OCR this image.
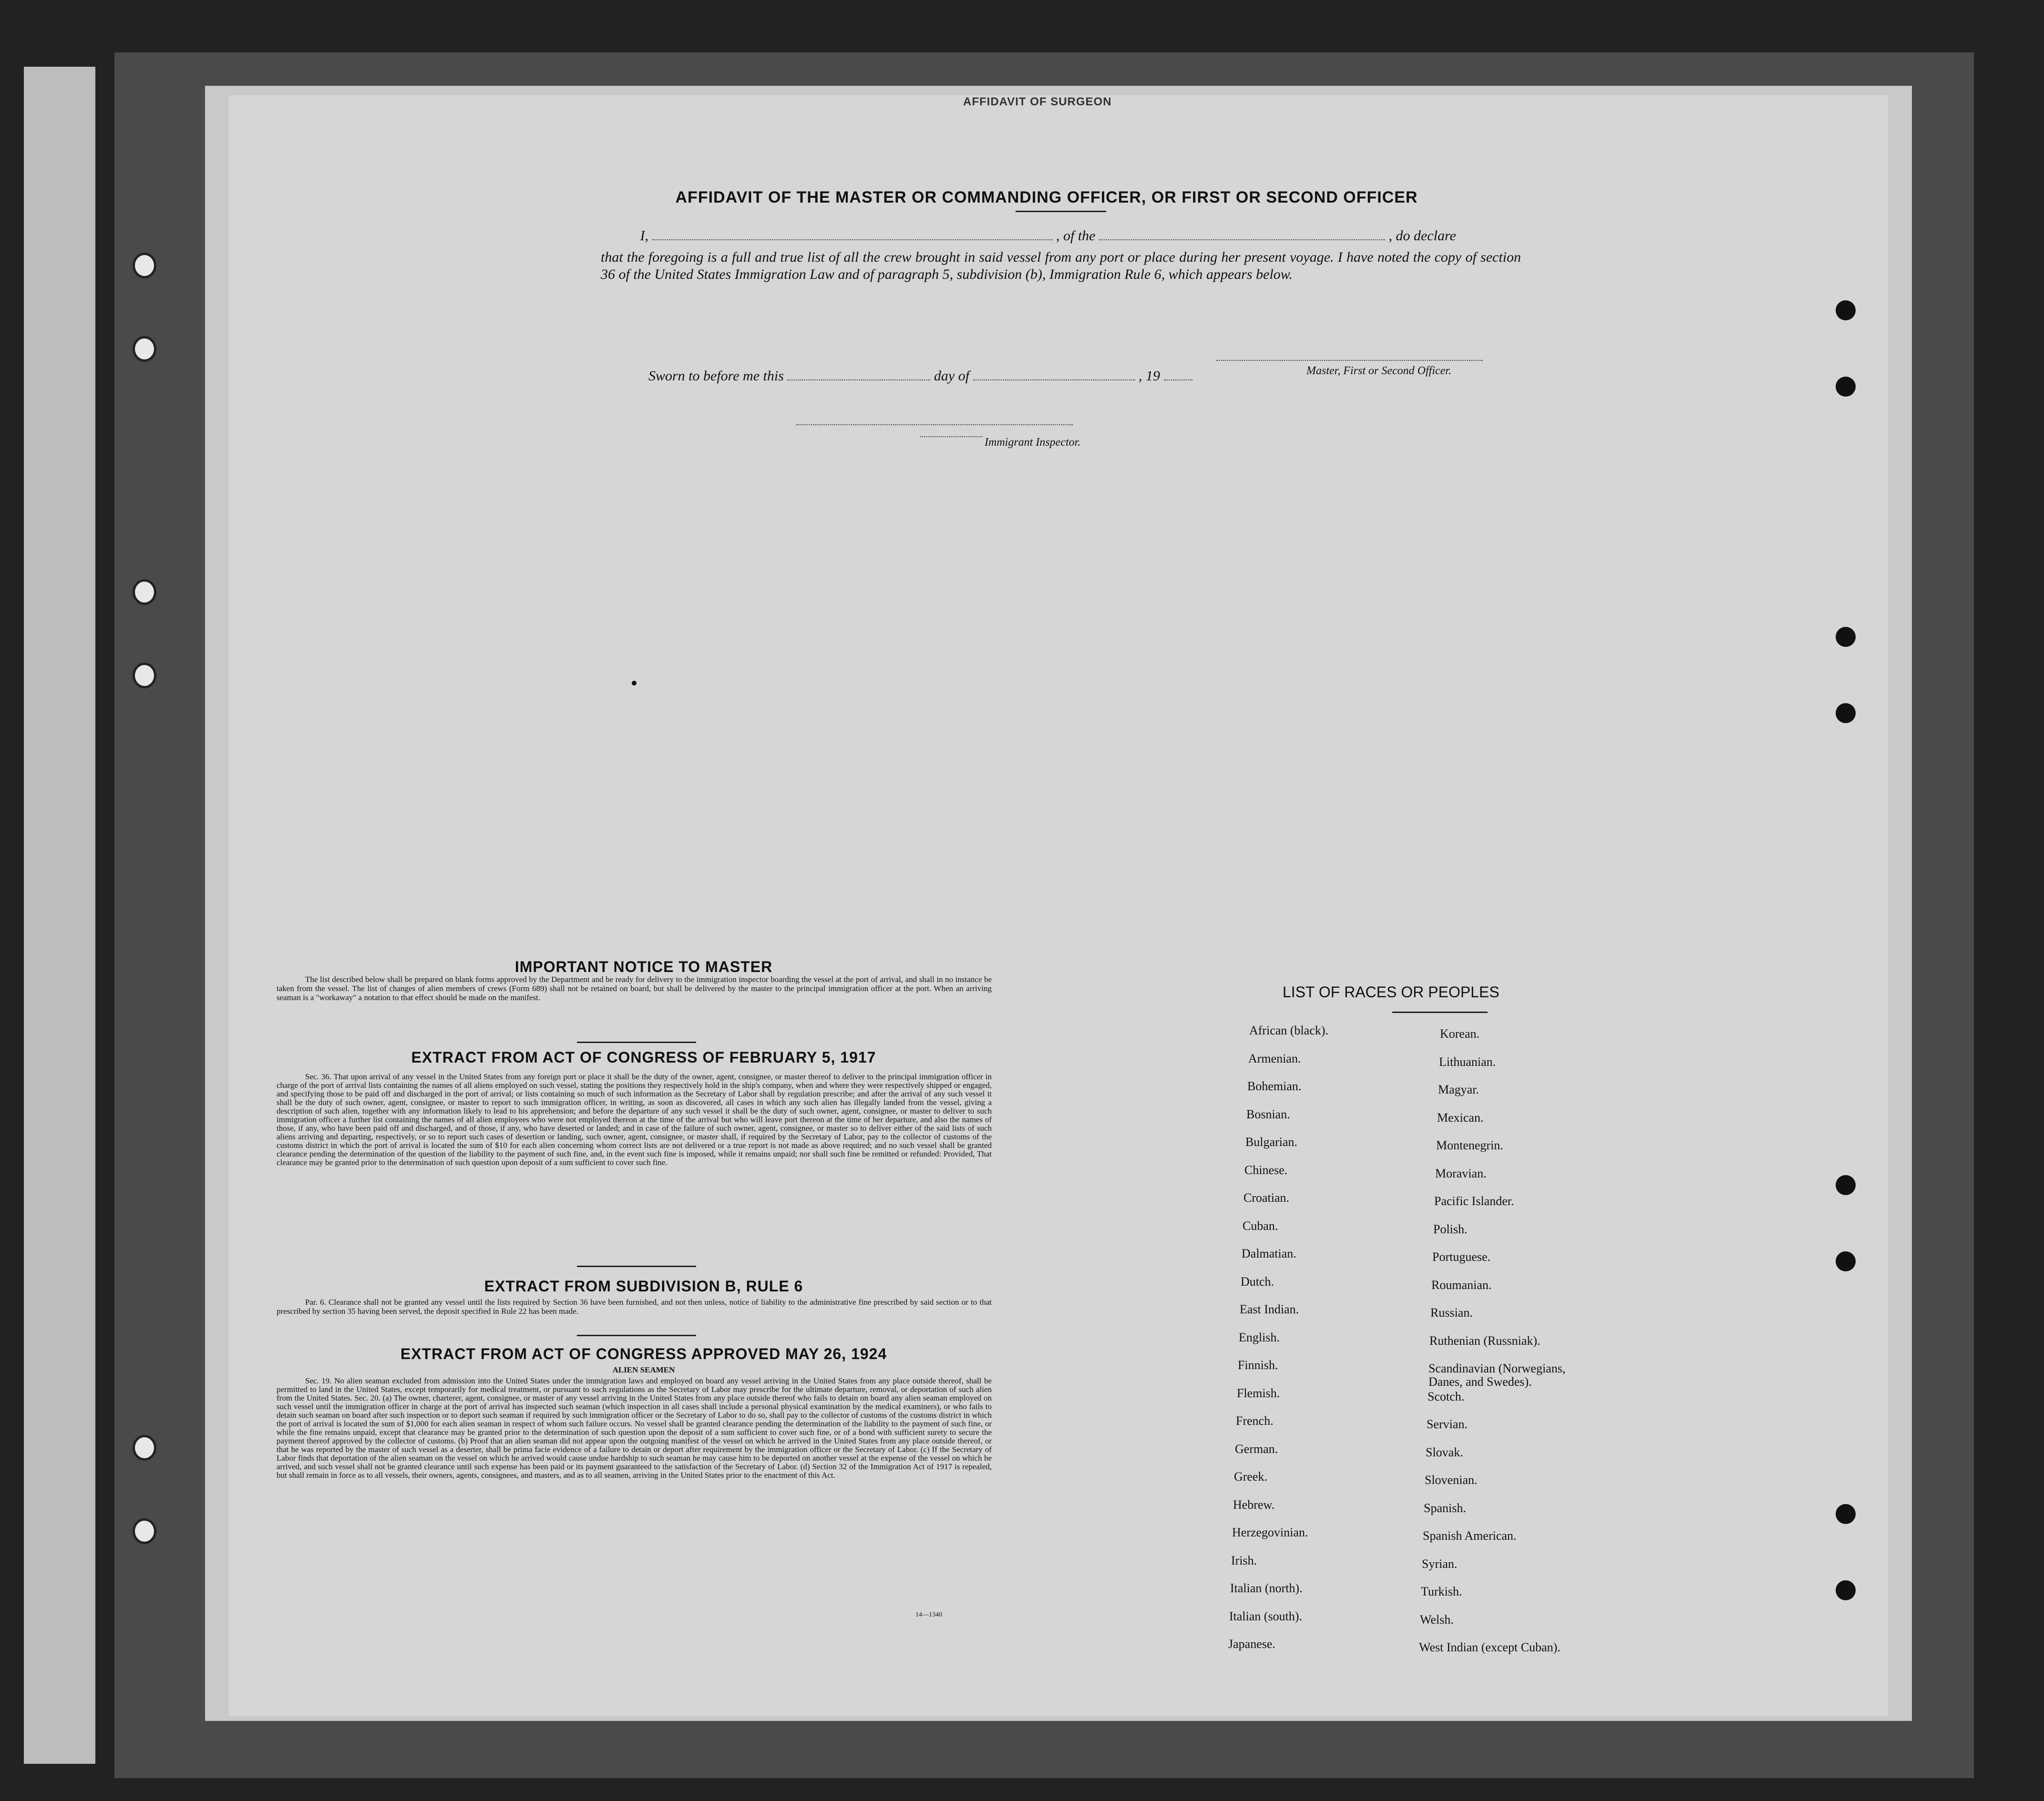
AFFIDAVIT OF SURGEON
AFFIDAVIT OF THE MASTER OR COMMANDING OFFICER, OR FIRST OR SECOND OFFICER
I,	, of the	, do declare
that the foregoing is a full and true list of all the crew brought in said vessel from any port or place during her present voyage. I have noted the copy of section 36 of the United States Immigration Law and of paragraph 5, subdivision (b), Immigration Rule 6, which appears below.
Master, First or Second Officer.
Sworn to before me this	day of	, 19
Immigrant Inspector.
IMPORTANT NOTICE TO MASTER
The list described below shall be prepared on blank forms approved by the Department and be ready for delivery to the immigration inspector boarding the vessel at the port of arrival, and shall in no instance be taken from the vessel. The list of changes of alien members of crews (Form 689) shall not be retained on board, but shall be delivered by the master to the principal immigration officer at the port. When an arriving seaman is a "workaway" a notation to that effect should be made on the manifest.
EXTRACT FROM ACT OF CONGRESS OF FEBRUARY 5, 1917
Sec. 36. That upon arrival of any vessel in the United States from any foreign port or place it shall be the duty of the owner, agent, consignee, or master thereof to deliver to the principal immigration officer in charge of the port of arrival lists containing the names of all aliens employed on such vessel, stating the positions they respectively hold in the ship's company, when and where they were respectively shipped or engaged, and specifying those to be paid off and discharged in the port of arrival; or lists containing so much of such information as the Secretary of Labor shall by regulation prescribe; and after the arrival of any such vessel it shall be the duty of such owner, agent, consignee, or master to report to such immigration officer, in writing, as soon as discovered, all cases in which any such alien has illegally landed from the vessel, giving a description of such alien, together with any information likely to lead to his apprehension; and before the departure of any such vessel it shall be the duty of such owner, agent, consignee, or master to deliver to such immigration officer a further list containing the names of all alien employees who were not employed thereon at the time of the arrival but who will leave port thereon at the time of her departure, and also the names of those, if any, who have been paid off and discharged, and of those, if any, who have deserted or landed; and in case of the failure of such owner, agent, consignee, or master so to deliver either of the said lists of such aliens arriving and departing, respectively, or so to report such cases of desertion or landing, such owner, agent, consignee, or master shall, if required by the Secretary of Labor, pay to the collector of customs of the customs district in which the port of arrival is located the sum of $10 for each alien concerning whom correct lists are not delivered or a true report is not made as above required; and no such vessel shall be granted clearance pending the determination of the question of the liability to the payment of such fine, and, in the event such fine is imposed, while it remains unpaid; nor shall such fine be remitted or refunded: Provided, That clearance may be granted prior to the determination of such question upon deposit of a sum sufficient to cover such fine.
EXTRACT FROM SUBDIVISION B, RULE 6
Par. 6. Clearance shall not be granted any vessel until the lists required by Section 36 have been furnished, and not then unless, notice of liability to the administrative fine prescribed by said section or to that prescribed by section 35 having been served, the deposit specified in Rule 22 has been made.
EXTRACT FROM ACT OF CONGRESS APPROVED MAY 26, 1924
ALIEN SEAMEN
Sec. 19. No alien seaman excluded from admission into the United States under the immigration laws and employed on board any vessel arriving in the United States from any place outside thereof, shall be permitted to land in the United States, except temporarily for medical treatment, or pursuant to such regulations as the Secretary of Labor may prescribe for the ultimate departure, removal, or deportation of such alien from the United States. Sec. 20. (a) The owner, charterer, agent, consignee, or master of any vessel arriving in the United States from any place outside thereof who fails to detain on board any alien seaman employed on such vessel until the immigration officer in charge at the port of arrival has inspected such seaman (which inspection in all cases shall include a personal physical examination by the medical examiners), or who fails to detain such seaman on board after such inspection or to deport such seaman if required by such immigration officer or the Secretary of Labor to do so, shall pay to the collector of customs of the customs district in which the port of arrival is located the sum of $1,000 for each alien seaman in respect of whom such failure occurs. No vessel shall be granted clearance pending the determination of the liability to the payment of such fine, or while the fine remains unpaid, except that clearance may be granted prior to the determination of such question upon the deposit of a sum sufficient to cover such fine, or of a bond with sufficient surety to secure the payment thereof approved by the collector of customs. (b) Proof that an alien seaman did not appear upon the outgoing manifest of the vessel on which he arrived in the United States from any place outside thereof, or that he was reported by the master of such vessel as a deserter, shall be prima facie evidence of a failure to detain or deport after requirement by the immigration officer or the Secretary of Labor. (c) If the Secretary of Labor finds that deportation of the alien seaman on the vessel on which he arrived would cause undue hardship to such seaman he may cause him to be deported on another vessel at the expense of the vessel on which he arrived, and such vessel shall not be granted clearance until such expense has been paid or its payment guaranteed to the satisfaction of the Secretary of Labor. (d) Section 32 of the Immigration Act of 1917 is repealed, but shall remain in force as to all vessels, their owners, agents, consignees, and masters, and as to all seamen, arriving in the United States prior to the enactment of this Act.
14—1340
LIST OF RACES OR PEOPLES
African (black).
Armenian.
Bohemian.
Bosnian.
Bulgarian.
Chinese.
Croatian.
Cuban.
Dalmatian.
Dutch.
East Indian.
English.
Finnish.
Flemish.
French.
German.
Greek.
Hebrew.
Herzegovinian.
Irish.
Italian (north).
Italian (south).
Japanese.
Korean.
Lithuanian.
Magyar.
Mexican.
Montenegrin.
Moravian.
Pacific Islander.
Polish.
Portuguese.
Roumanian.
Russian.
Ruthenian (Russniak).
Scandinavian (Norwegians, Danes, and Swedes).
Scotch.
Servian.
Slovak.
Slovenian.
Spanish.
Spanish American.
Syrian.
Turkish.
Welsh.
West Indian (except Cuban).
